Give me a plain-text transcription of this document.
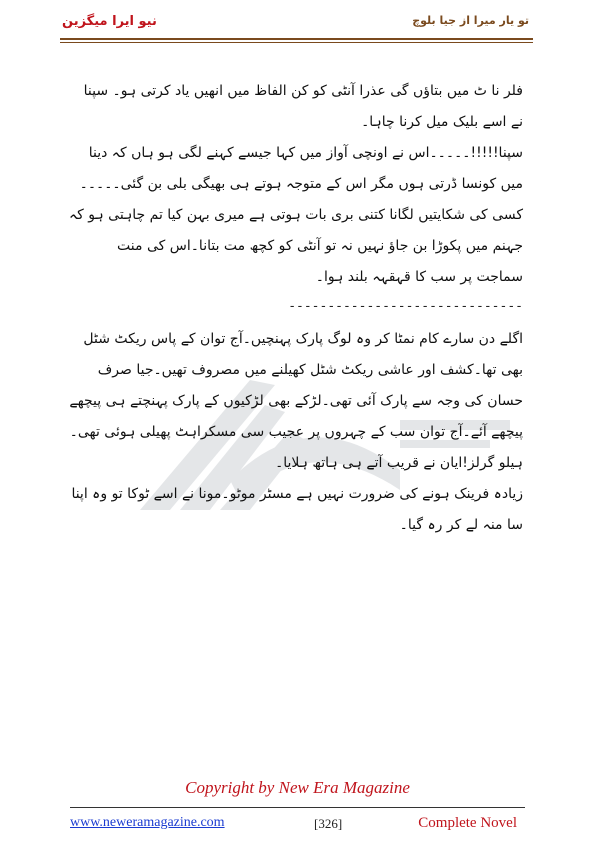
نیو ایرا میگزین	تو یار میرا از جیا بلوچ

فلر نا ٹ میں بتاؤں گی عذرا آنٹی کو کن الفاظ میں انھیں یاد کرتی ہو۔ سپنا نے اسے بلیک میل کرنا چاہا۔

سپنا!!!!!۔۔۔۔۔اس نے اونچی آواز میں کہا جیسے کہنے لگی ہو ہاں کہ دینا میں کونسا ڈرتی ہوں مگر اس کے متوجہ ہوتے ہی بھیگی بلی بن گئی۔۔۔۔۔کسی کی شکایتیں لگانا کتنی بری بات ہوتی ہے میری بہن کیا تم چاہتی ہو کہ جہنم میں پکوڑا بن جاؤ نہیں نہ تو آنٹی کو کچھ مت بتانا۔اس کی منت سماجت پر سب کا قہقہہ بلند ہوا۔

------------------------------

اگلے دن سارے کام نمٹا کر وہ لوگ پارک پہنچیں۔آج توان کے پاس ریکٹ شٹل بھی تھا۔کشف اور عاشی ریکٹ شٹل کھیلنے میں مصروف تھیں۔جیا صرف حسان کی وجہ سے پارک آئی تھی۔لڑکے بھی لڑکیوں کے پارک پہنچتے ہی پیچھے پیچھے آئے۔آج توان سب کے چہروں پر عجیب سی مسکراہٹ پھیلی ہوئی تھی۔

ہیلو گرلز!ایان نے قریب آتے ہی ہاتھ ہلایا۔

زیادہ فرینک ہونے کی ضرورت نہیں ہے مسٹر موٹو۔مونا نے اسے ٹوکا تو وہ اپنا سا منہ لے کر رہ گیا۔

Copyright by New Era Magazine
www.neweramagazine.com	[326]	Complete Novel
